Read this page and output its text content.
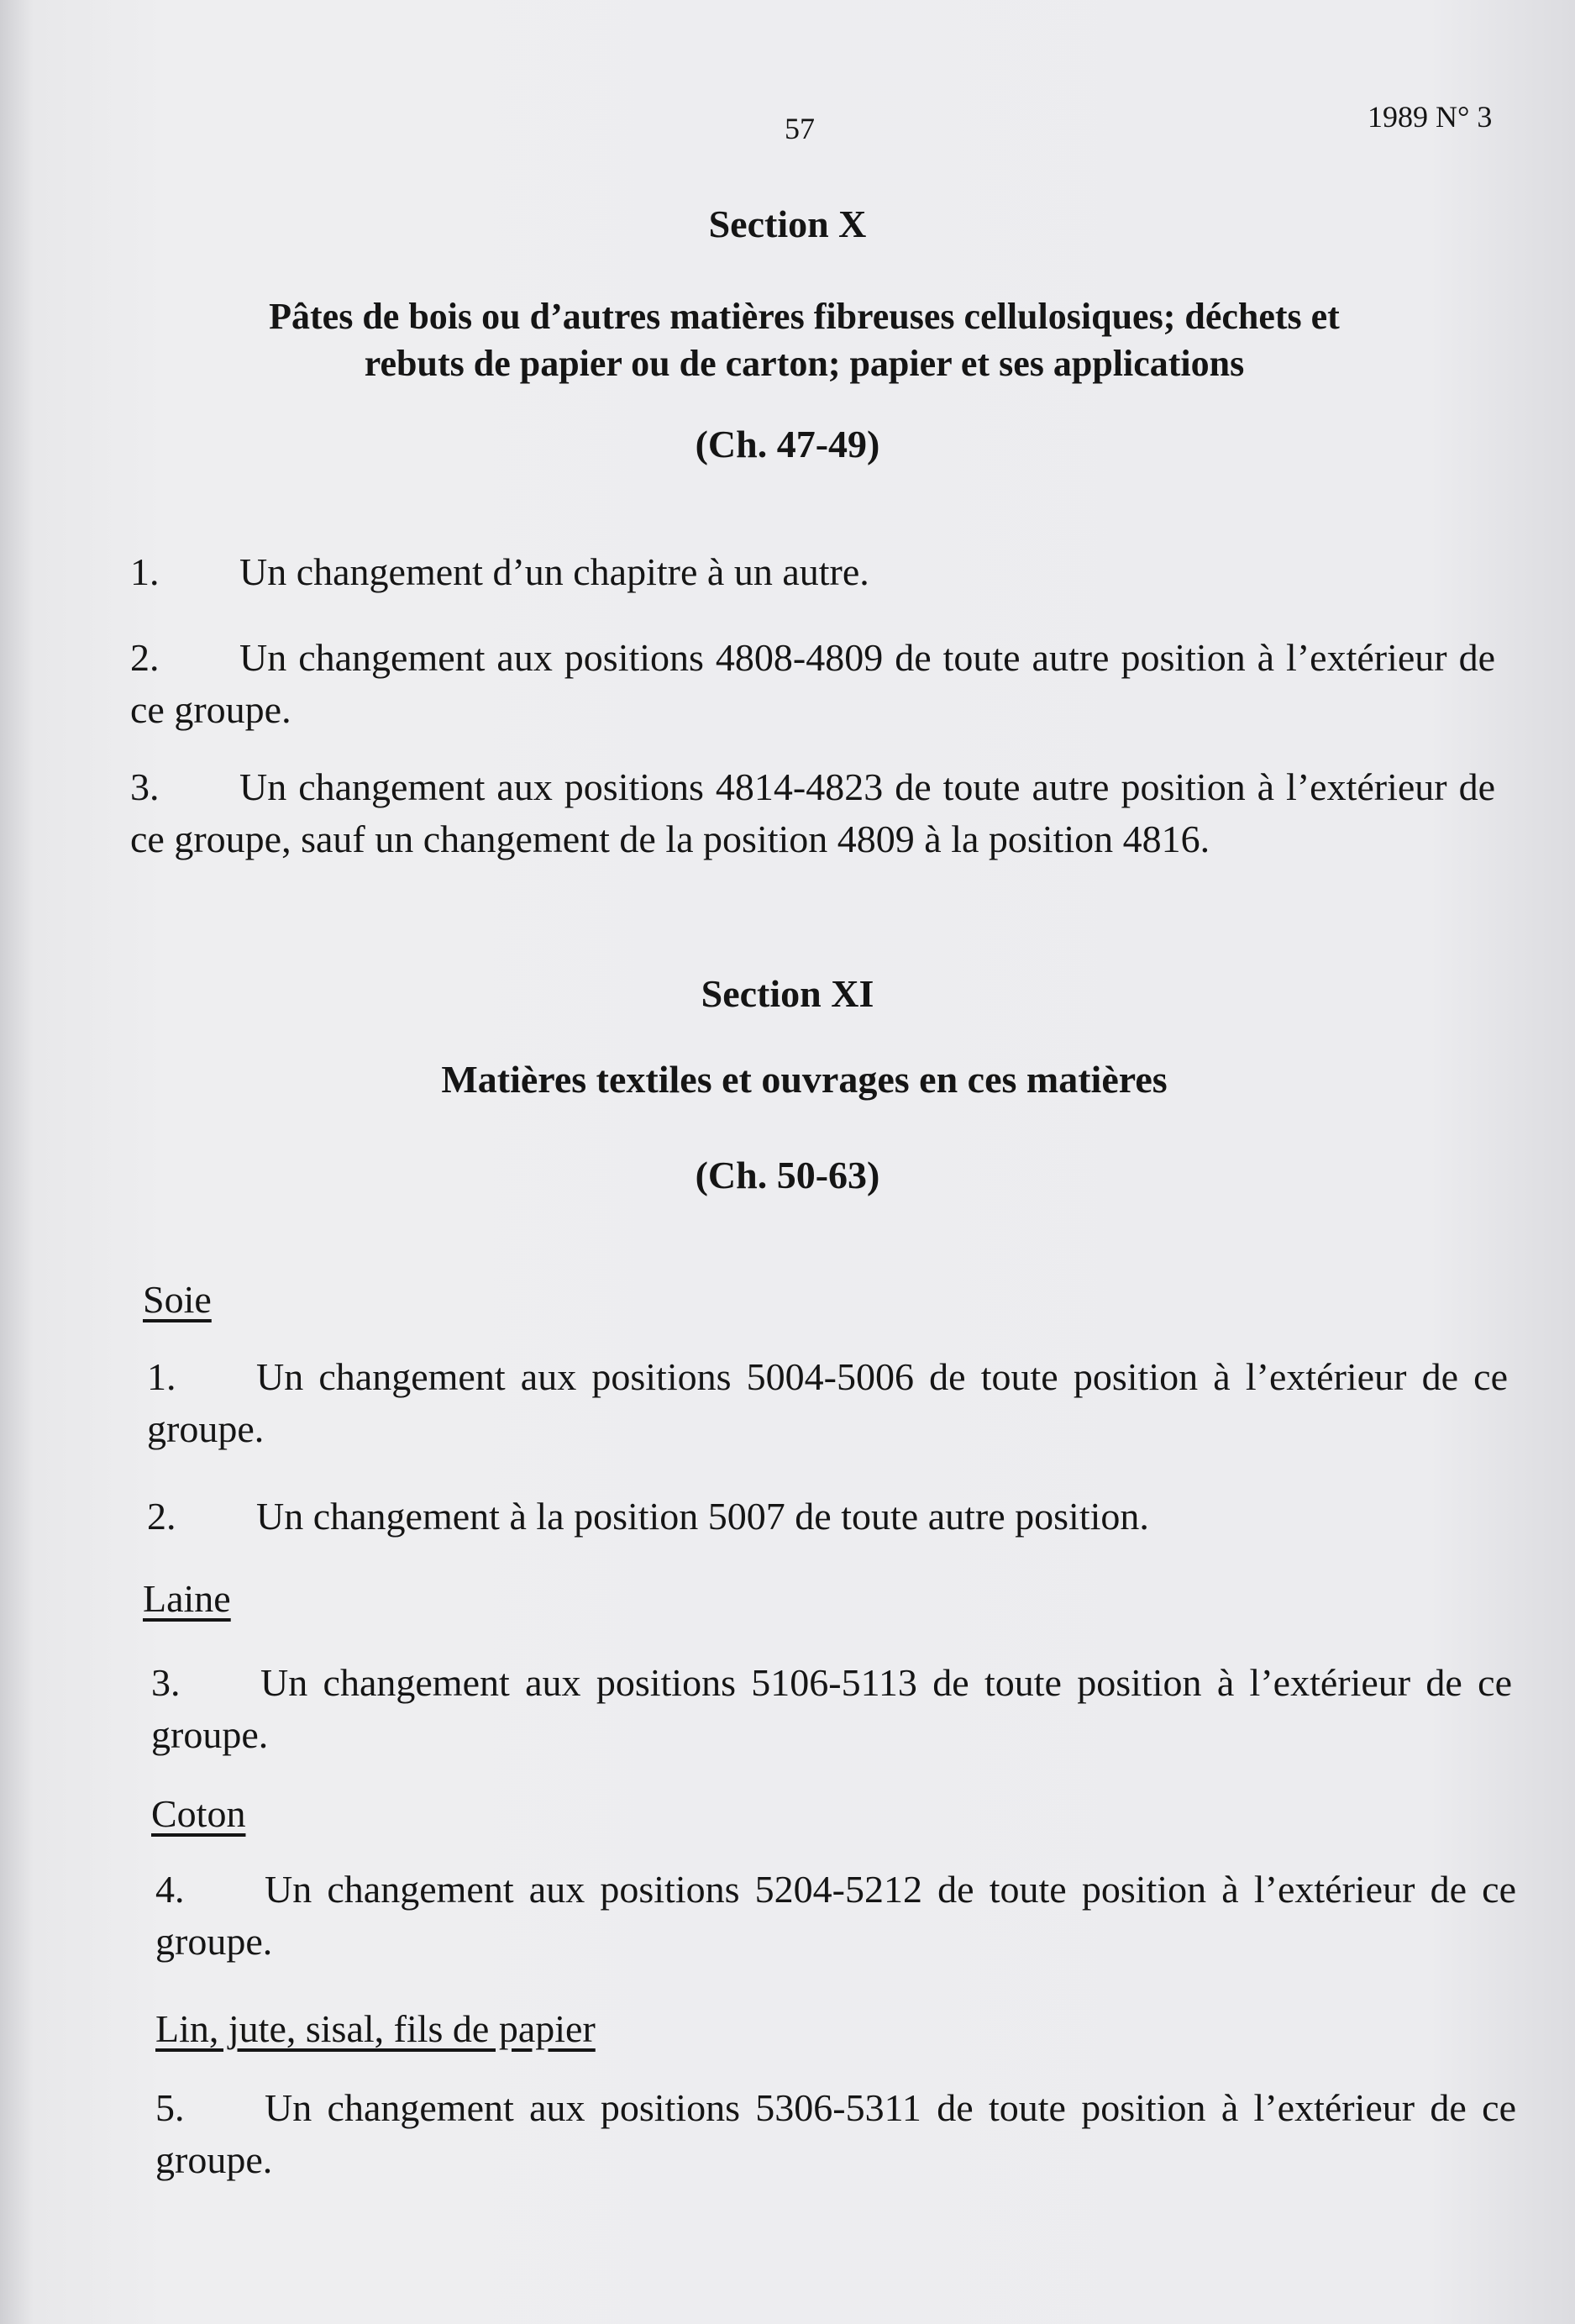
57	1989 N° 3
Section X
Pâtes de bois ou d’autres matières fibreuses cellulosiques; déchets et
rebuts de papier ou de carton; papier et ses applications
(Ch. 47-49)
1. Un changement d’un chapitre à un autre.
2. Un changement aux positions 4808-4809 de toute autre position à l’extérieur de ce groupe.
3. Un changement aux positions 4814-4823 de toute autre position à l’extérieur de ce groupe, sauf un changement de la position 4809 à la position 4816.
Section XI
Matières textiles et ouvrages en ces matières
(Ch. 50-63)
Soie
1. Un changement aux positions 5004-5006 de toute position à l’extérieur de ce groupe.
2. Un changement à la position 5007 de toute autre position.
Laine
3. Un changement aux positions 5106-5113 de toute position à l’extérieur de ce groupe.
Coton
4. Un changement aux positions 5204-5212 de toute position à l’extérieur de ce groupe.
Lin, jute, sisal, fils de papier
5. Un changement aux positions 5306-5311 de toute position à l’extérieur de ce groupe.
